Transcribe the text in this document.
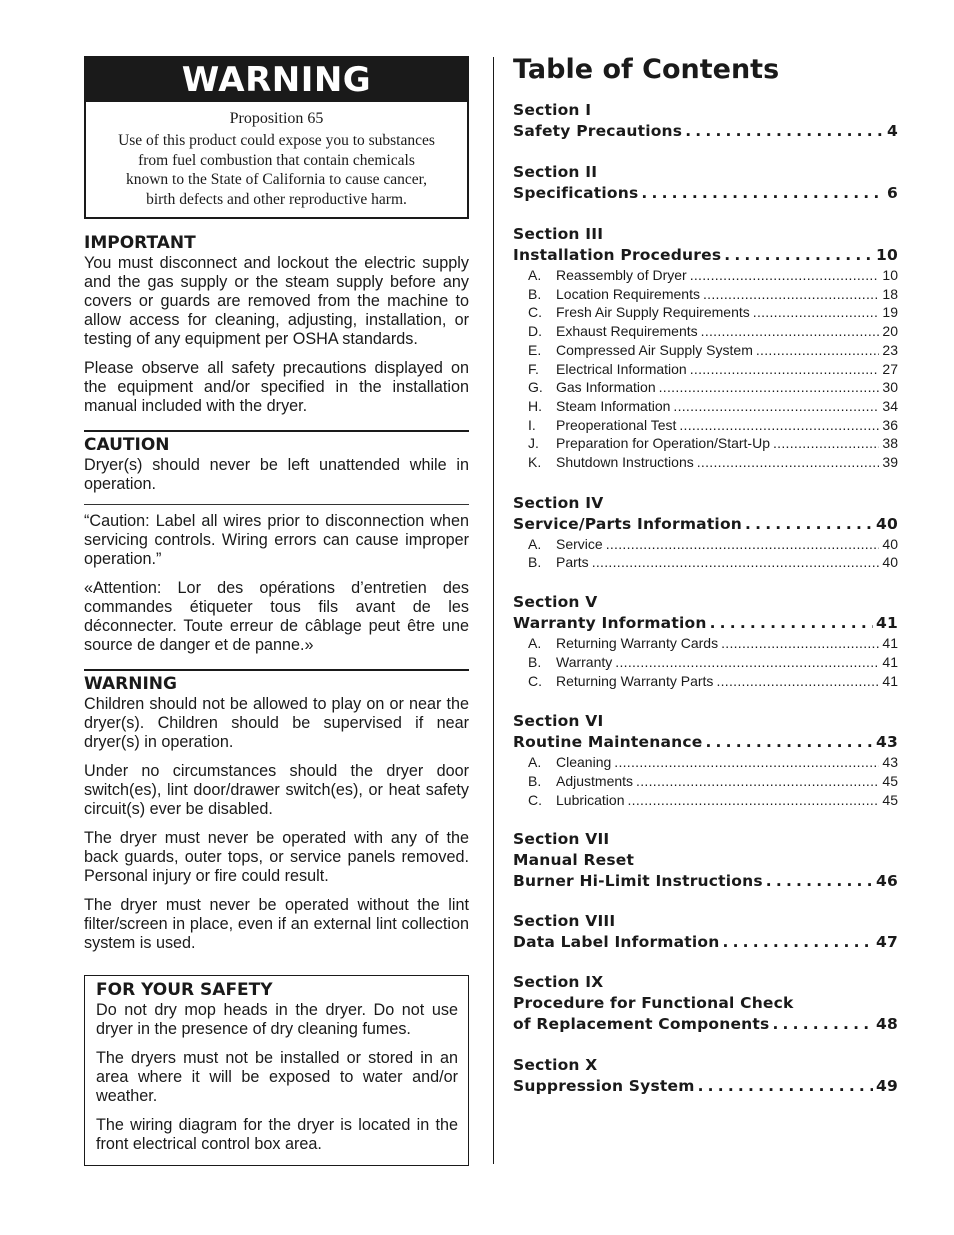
WARNING
Proposition 65
Use of this product could expose you to substances
from fuel combustion that contain chemicals
known to the State of California to cause cancer,
birth defects and other reproductive harm.
IMPORTANT
You must disconnect and lockout the electric supply and the gas supply or the steam supply before any covers or guards are removed from the machine to allow access for cleaning, adjusting, installation, or testing of any equipment per OSHA standards.
Please observe all safety precautions displayed on the equipment and/or specified in the installation manual included with the dryer.
CAUTION
Dryer(s) should never be left unattended while in operation.
“Caution: Label all wires prior to disconnection when servicing controls. Wiring errors can cause improper operation.”
«Attention: Lor des opérations d’entretien des commandes étiqueter tous fils avant de les déconnecter. Toute erreur de câblage peut être une source de danger et de panne.»
WARNING
Children should not be allowed to play on or near the dryer(s). Children should be supervised if near dryer(s) in operation.
Under no circumstances should the dryer door switch(es), lint door/drawer switch(es), or heat safety circuit(s) ever be disabled.
The dryer must never be operated with any of the back guards, outer tops, or service panels removed. Personal injury or fire could result.
The dryer must never be operated without the lint filter/screen in place, even if an external lint collection system is used.
FOR YOUR SAFETY
Do not dry mop heads in the dryer. Do not use dryer in the presence of dry cleaning fumes.
The dryers must not be installed or stored in an area where it will be exposed to water and/or weather.
The wiring diagram for the dryer is located in the front electrical control box area.
Table of Contents
Section I
Safety Precautions . . .	4
Section II
Specifications . . .	6
Section III
Installation Procedures . . .	10
A.	Reassembly of Dryer . . .	10
B.	Location Requirements . . .	18
C.	Fresh Air Supply Requirements . . .	19
D.	Exhaust Requirements . . .	20
E.	Compressed Air Supply System . . .	23
F.	Electrical Information . . .	27
G. Gas Information . . .	30
H.	Steam Information . . .	34
I.	Preoperational Test . . .	36
J.	Preparation for Operation/Start-Up . . .	38
K.	Shutdown Instructions . . .	39
Section IV
Service/Parts Information . . .	40
A.	Service . . .	40
B.	Parts . . .	40
Section V
Warranty Information . . .	41
A.	Returning Warranty Cards . . .	41
B.	Warranty . . .	41
C.	Returning Warranty Parts . . .	41
Section VI
Routine Maintenance . . .	43
A.	Cleaning . . .	43
B.	Adjustments . . .	45
C.	Lubrication . . .	45
Section VII
Manual Reset
Burner Hi-Limit Instructions . . .	46
Section VIII
Data Label Information . . .	47
Section IX
Procedure for Functional Check
of Replacement Components . . .	48
Section X
Suppression System . . .	49
